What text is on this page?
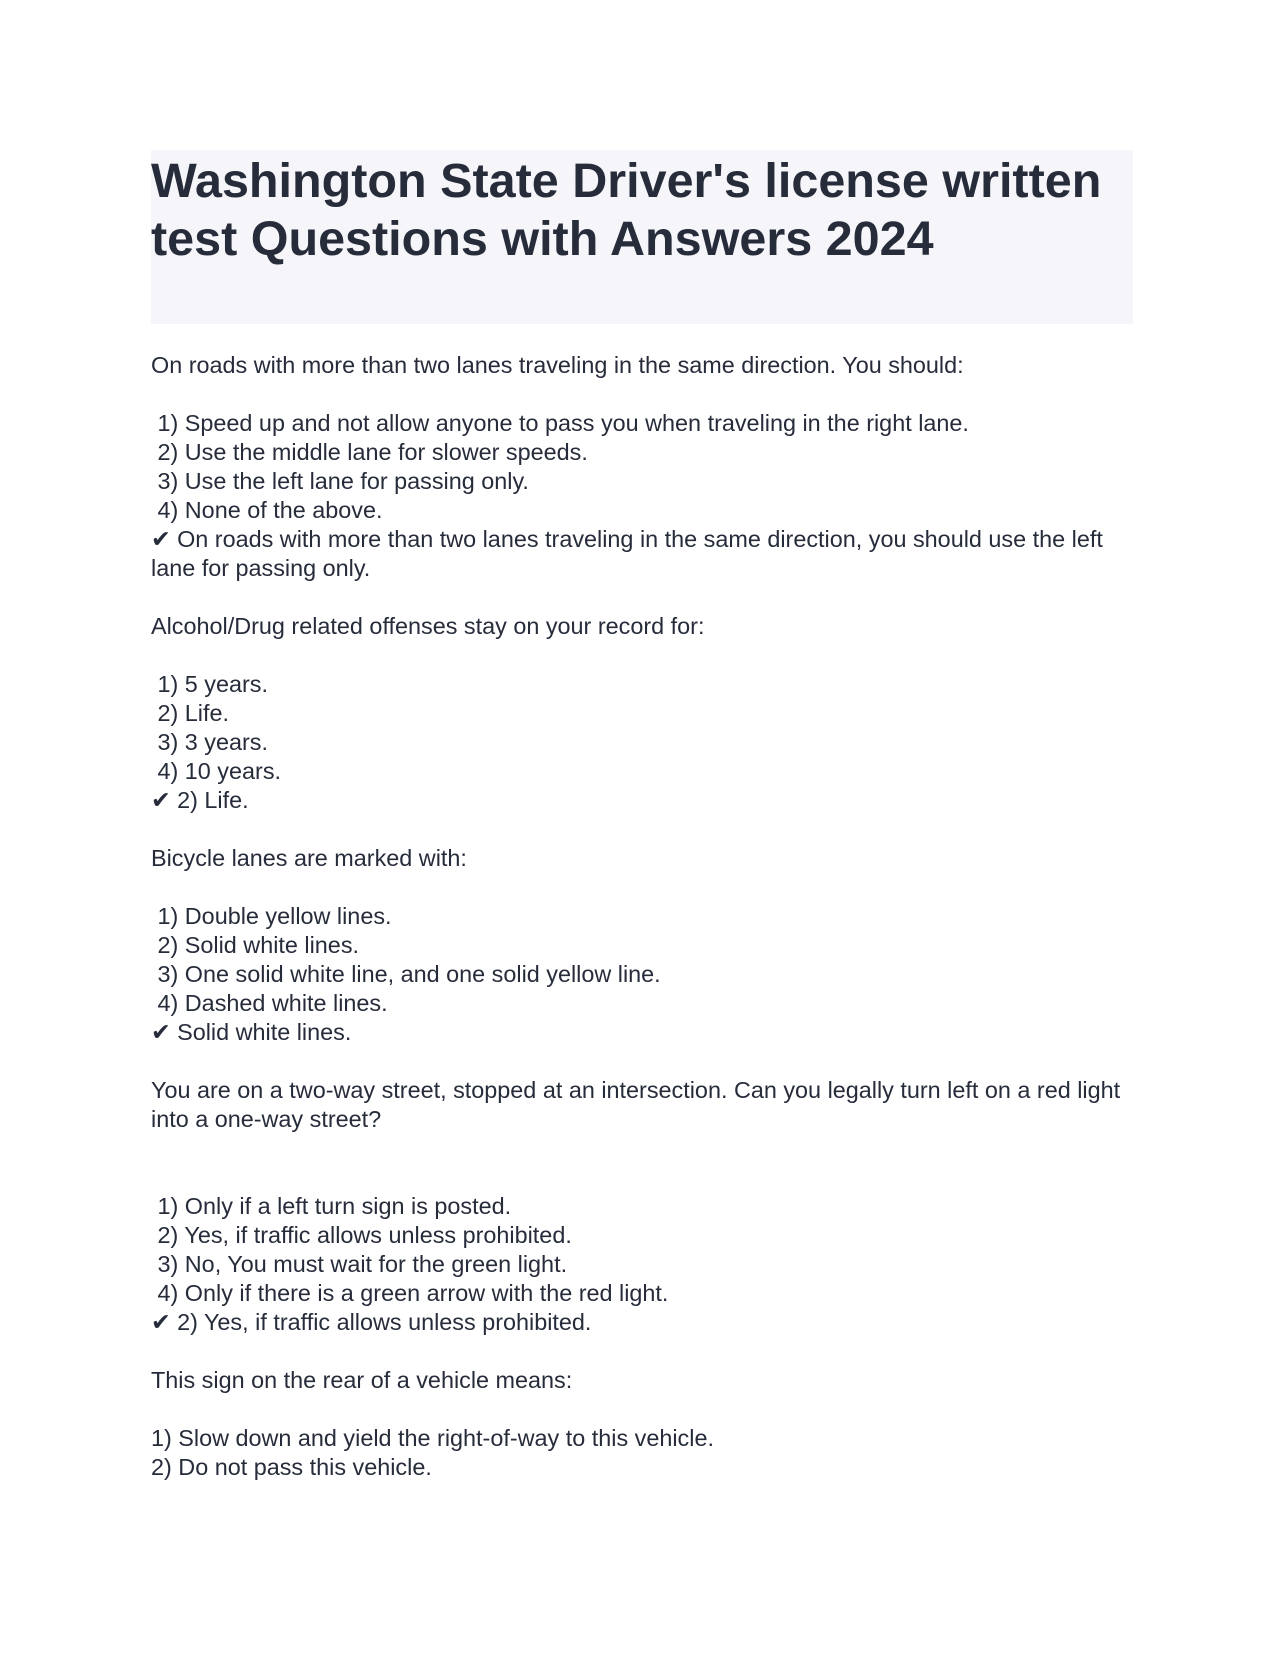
Washington State Driver's license written test Questions with Answers 2024
On roads with more than two lanes traveling in the same direction. You should:
1) Speed up and not allow anyone to pass you when traveling in the right lane.
2) Use the middle lane for slower speeds.
3) Use the left lane for passing only.
4) None of the above.
✔ On roads with more than two lanes traveling in the same direction, you should use the left lane for passing only.
Alcohol/Drug related offenses stay on your record for:
1) 5 years.
2) Life.
3) 3 years.
4) 10 years.
✔ 2) Life.
Bicycle lanes are marked with:
1) Double yellow lines.
2) Solid white lines.
3) One solid white line, and one solid yellow line.
4) Dashed white lines.
✔ Solid white lines.
You are on a two-way street, stopped at an intersection. Can you legally turn left on a red light into a one-way street?
1) Only if a left turn sign is posted.
2) Yes, if traffic allows unless prohibited.
3) No, You must wait for the green light.
4) Only if there is a green arrow with the red light.
✔ 2) Yes, if traffic allows unless prohibited.
This sign on the rear of a vehicle means:
1) Slow down and yield the right-of-way to this vehicle.
2) Do not pass this vehicle.
